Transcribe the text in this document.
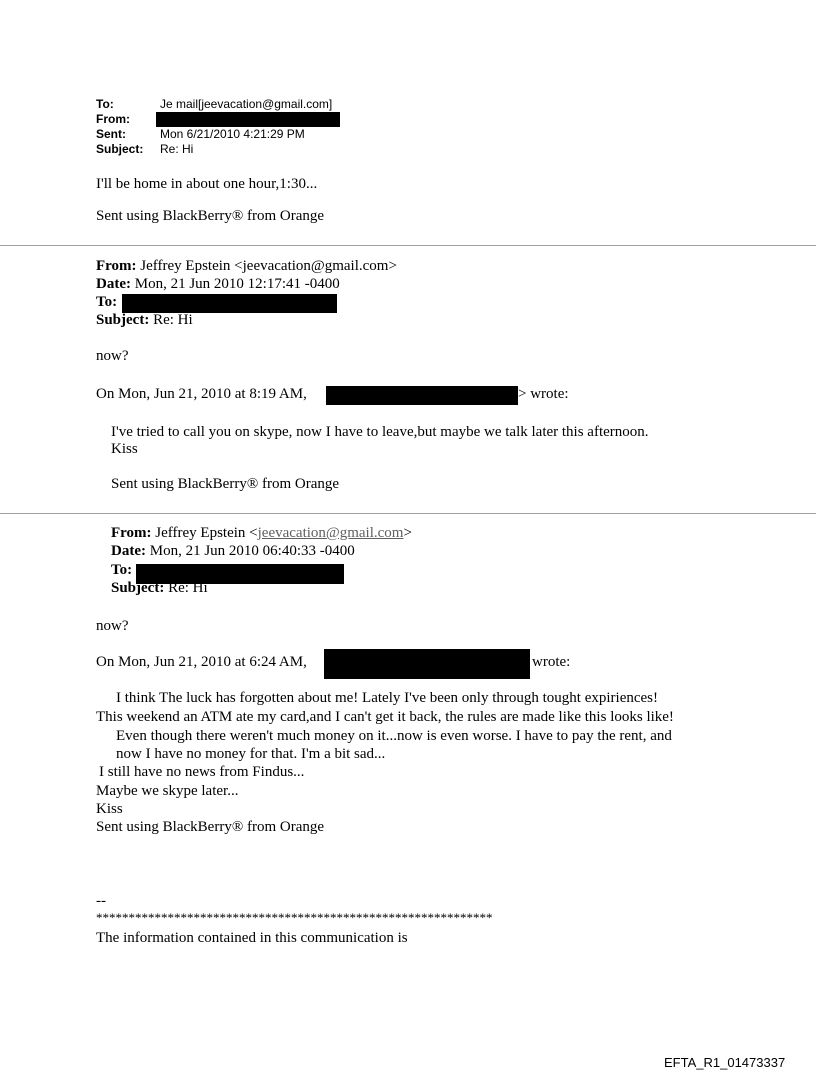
To:	Je mail[jeevacation@gmail.com]
From:
Sent:	Mon 6/21/2010 4:21:29 PM
Subject: Re: Hi
I'll be home in about one hour,1:30...
Sent using BlackBerry® from Orange
From: Jeffrey Epstein <jeevacation@gmail.com>
Date: Mon, 21 Jun 2010 12:17:41 -0400
To:
Subject: Re: Hi
now?
On Mon, Jun 21, 2010 at 8:19 AM,	> wrote:
I've tried to call you on skype, now I have to leave,but maybe we talk later this afternoon.
Kiss
Sent using BlackBerry® from Orange
From: Jeffrey Epstein <jeevacation@gmail.com>
Date: Mon, 21 Jun 2010 06:40:33 -0400
To:
Subject: Re: Hi
now?
On Mon, Jun 21, 2010 at 6:24 AM,	wrote:
I think The luck has forgotten about me! Lately I've been only through tought expiriences!
This weekend an ATM ate my card,and I can't get it back, the rules are made like this looks like!
Even though there weren't much money on it...now is even worse. I have to pay the rent, and
now I have no money for that. I'm a bit sad...
I still have no news from Findus...
Maybe we skype later...
Kiss
Sent using BlackBerry® from Orange
--
*************************************************************
The information contained in this communication is
EFTA_R1_01473337
